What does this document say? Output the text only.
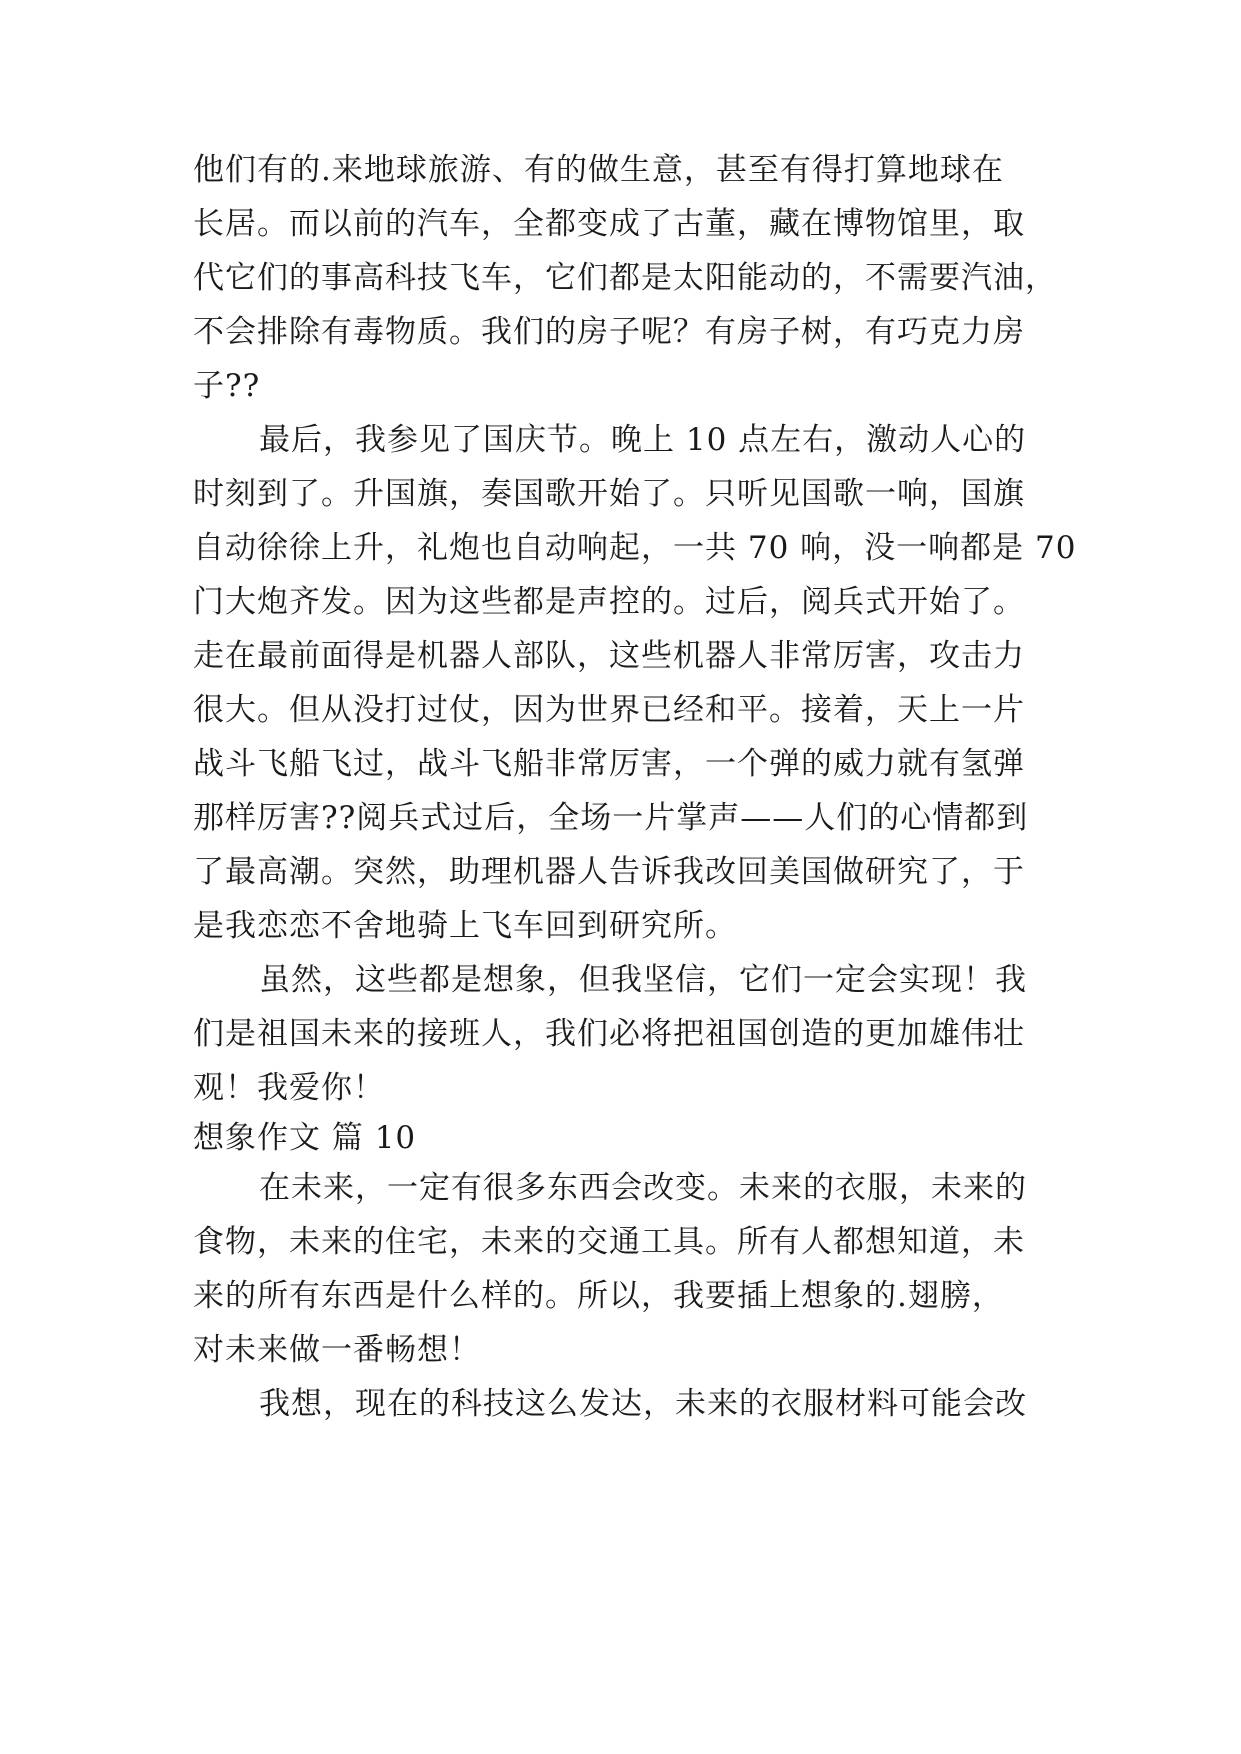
他们有的.来地球旅游、有的做生意，甚至有得打算地球在
长居。而以前的汽车，全都变成了古董，藏在博物馆里，取
代它们的事高科技飞车，它们都是太阳能动的，不需要汽油，
不会排除有毒物质。我们的房子呢？有房子树，有巧克力房
子??
最后，我参见了国庆节。晚上 10 点左右，激动人心的
时刻到了。升国旗，奏国歌开始了。只听见国歌一响，国旗
自动徐徐上升，礼炮也自动响起，一共 70 响，没一响都是 70
门大炮齐发。因为这些都是声控的。过后，阅兵式开始了。
走在最前面得是机器人部队，这些机器人非常厉害，攻击力
很大。但从没打过仗，因为世界已经和平。接着，天上一片
战斗飞船飞过，战斗飞船非常厉害，一个弹的威力就有氢弹
那样厉害??阅兵式过后，全场一片掌声——人们的心情都到
了最高潮。突然，助理机器人告诉我改回美国做研究了，于
是我恋恋不舍地骑上飞车回到研究所。
虽然，这些都是想象，但我坚信，它们一定会实现！我
们是祖国未来的接班人，我们必将把祖国创造的更加雄伟壮
观！我爱你！
想象作文 篇 10
在未来，一定有很多东西会改变。未来的衣服，未来的
食物，未来的住宅，未来的交通工具。所有人都想知道，未
来的所有东西是什么样的。所以，我要插上想象的.翅膀，
对未来做一番畅想！
我想，现在的科技这么发达，未来的衣服材料可能会改
